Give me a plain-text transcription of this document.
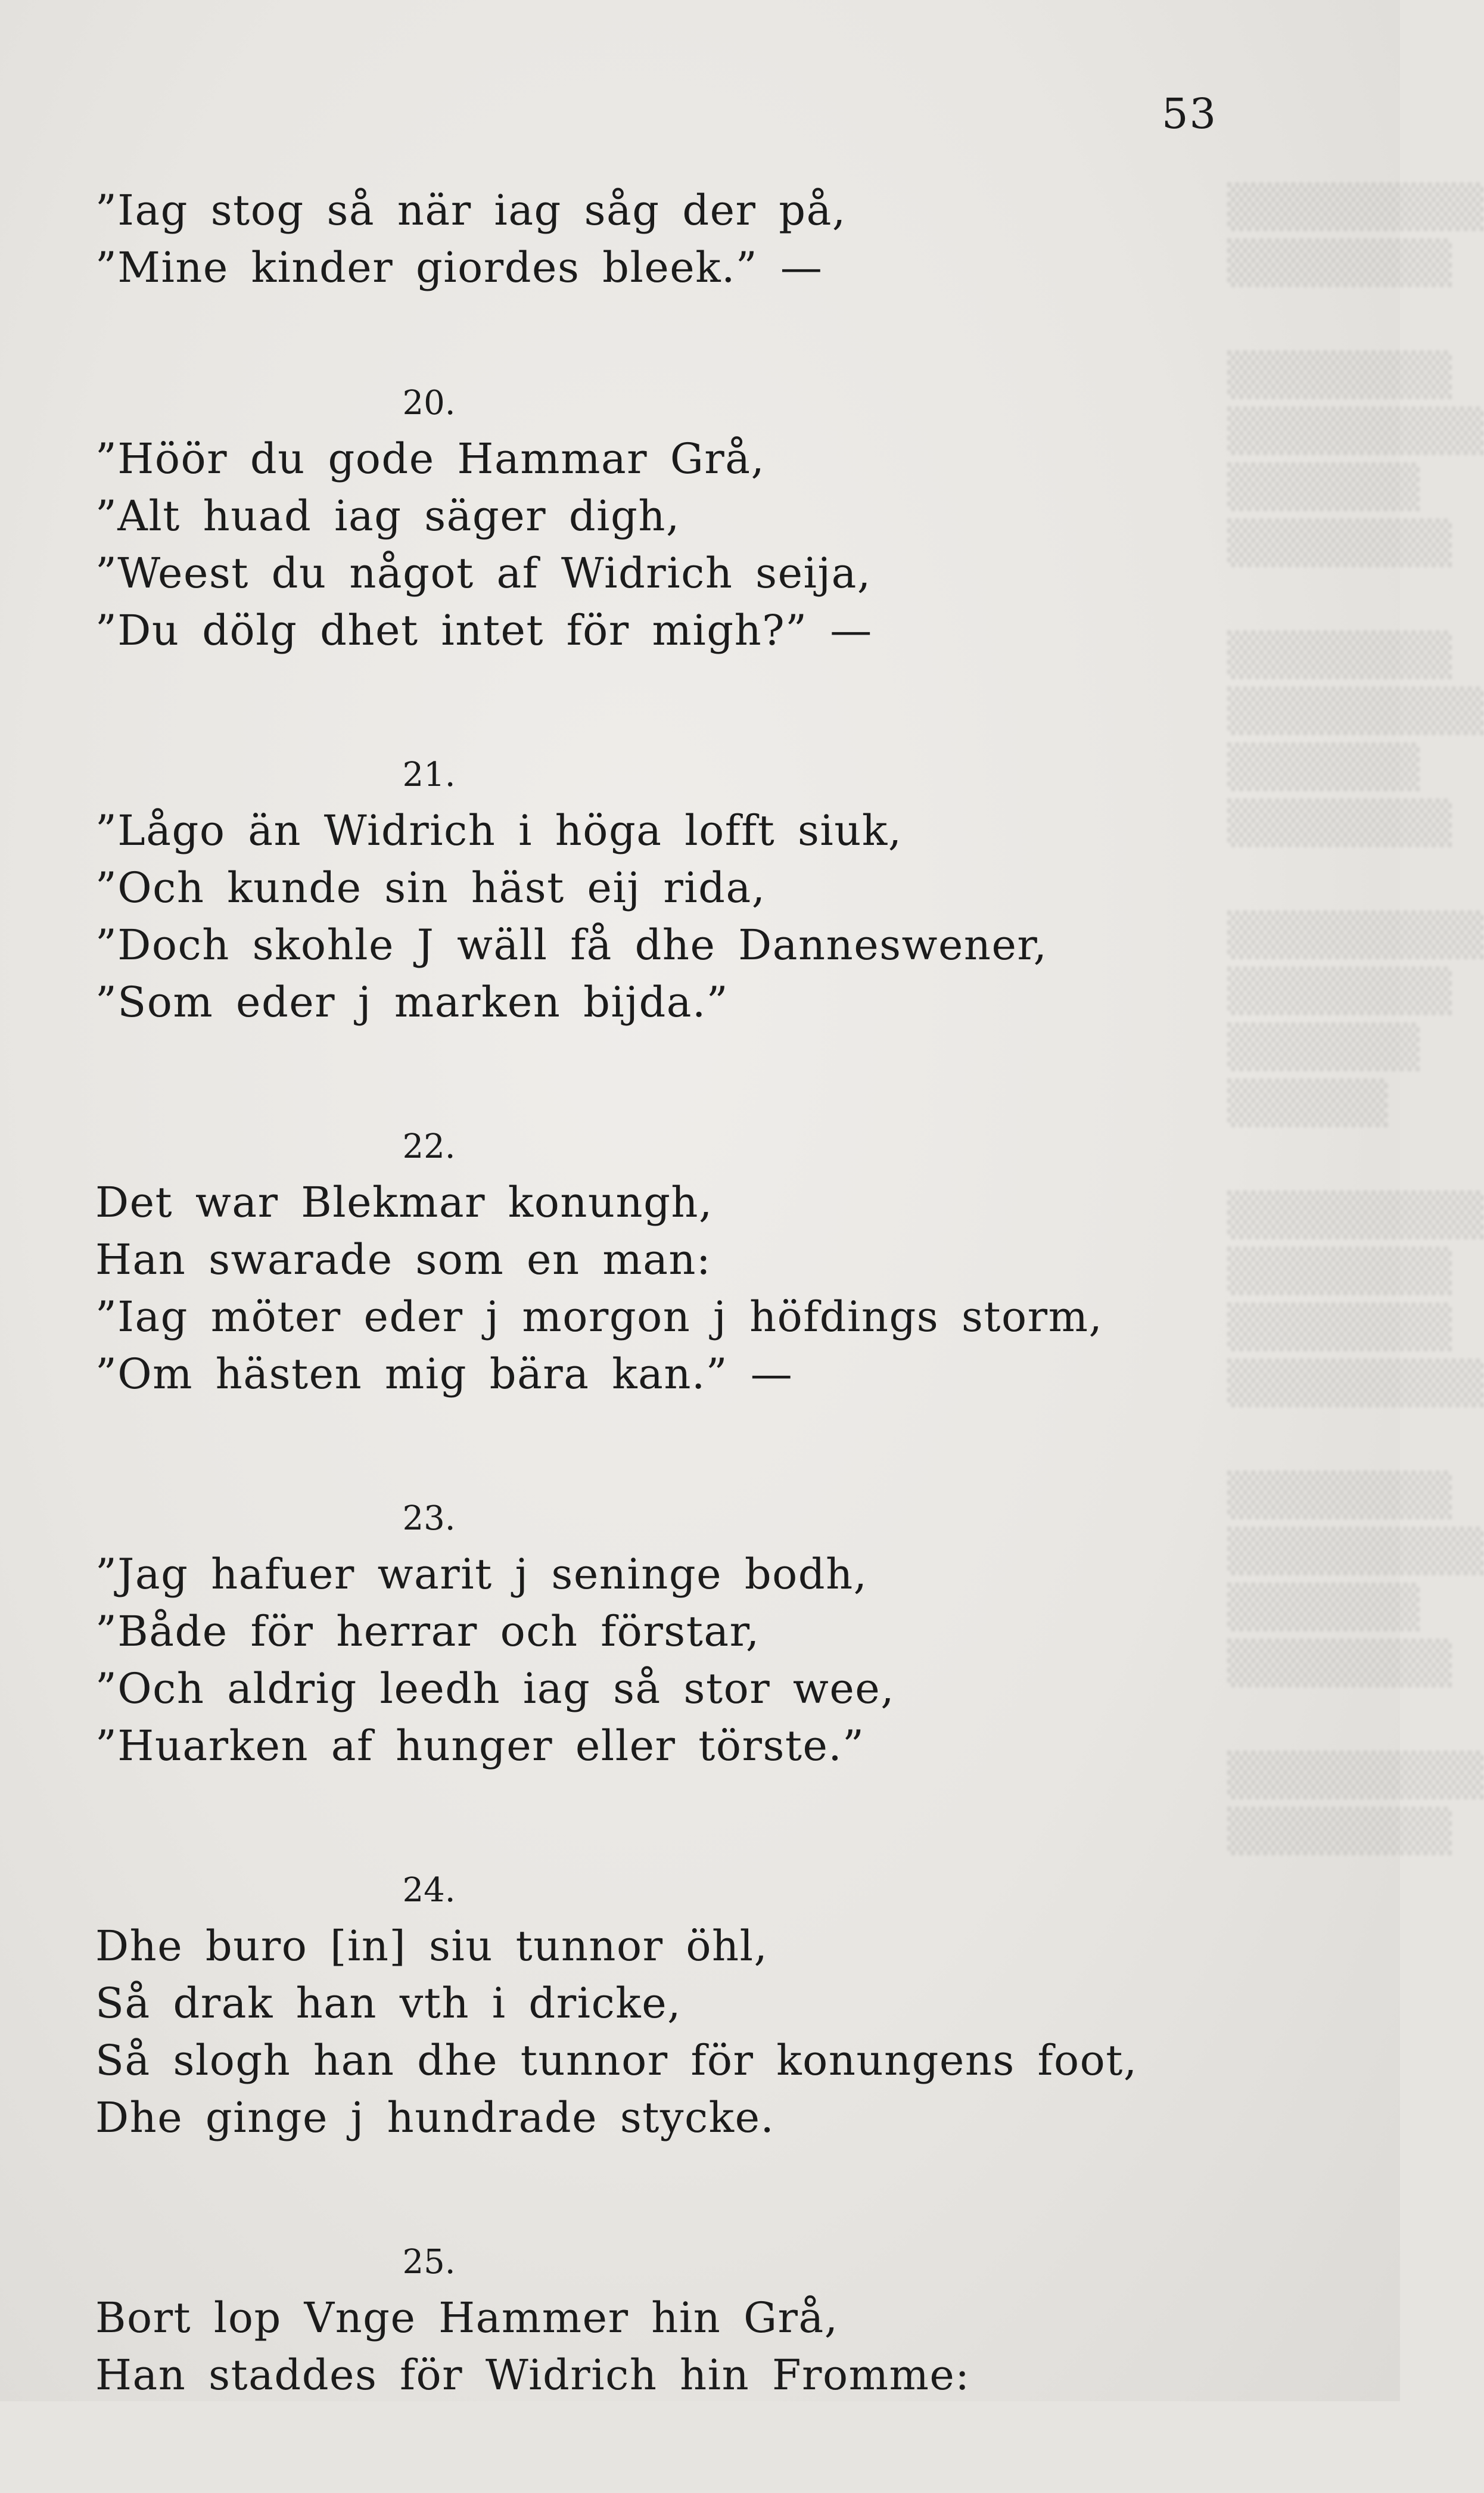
▒▒▒▒▒▒▒▒
▒▒▒▒▒▒▒

▒▒▒▒▒▒▒
▒▒▒▒▒▒▒▒
▒▒▒▒▒▒
▒▒▒▒▒▒▒

▒▒▒▒▒▒▒
▒▒▒▒▒▒▒▒
▒▒▒▒▒▒
▒▒▒▒▒▒▒

▒▒▒▒▒▒▒▒
▒▒▒▒▒▒▒
▒▒▒▒▒▒
▒▒▒▒▒

▒▒▒▒▒▒▒▒
▒▒▒▒▒▒▒
▒▒▒▒▒▒▒
▒▒▒▒▒▒▒▒

▒▒▒▒▒▒▒
▒▒▒▒▒▒▒▒
▒▒▒▒▒▒
▒▒▒▒▒▒▒

▒▒▒▒▒▒▒▒
▒▒▒▒▒▒▒
53
”Iag stog så när iag såg der på,
”Mine kinder giordes bleek.” —
20.
”Höör du gode Hammar Grå,
”Alt huad iag säger digh,
”Weest du något af Widrich seija,
”Du dölg dhet intet för migh?” —
21.
”Lågo än Widrich i höga lofft siuk,
”Och kunde sin häst eij rida,
”Doch skohle J wäll få dhe Danneswener,
”Som eder j marken bijda.”
22.
Det war Blekmar konungh,
Han swarade som en man:
”Iag möter eder j morgon j höfdings storm,
”Om hästen mig bära kan.” —
23.
”Jag hafuer warit j seninge bodh,
”Både för herrar och förstar,
”Och aldrig leedh iag så stor wee,
”Huarken af hunger eller törste.”
24.
Dhe buro [in] siu tunnor öhl,
Så drak han vth i dricke,
Så slogh han dhe tunnor för konungens foot,
Dhe ginge j hundrade stycke.
25.
Bort lop Vnge Hammer hin Grå,
Han staddes för Widrich hin Fromme:
